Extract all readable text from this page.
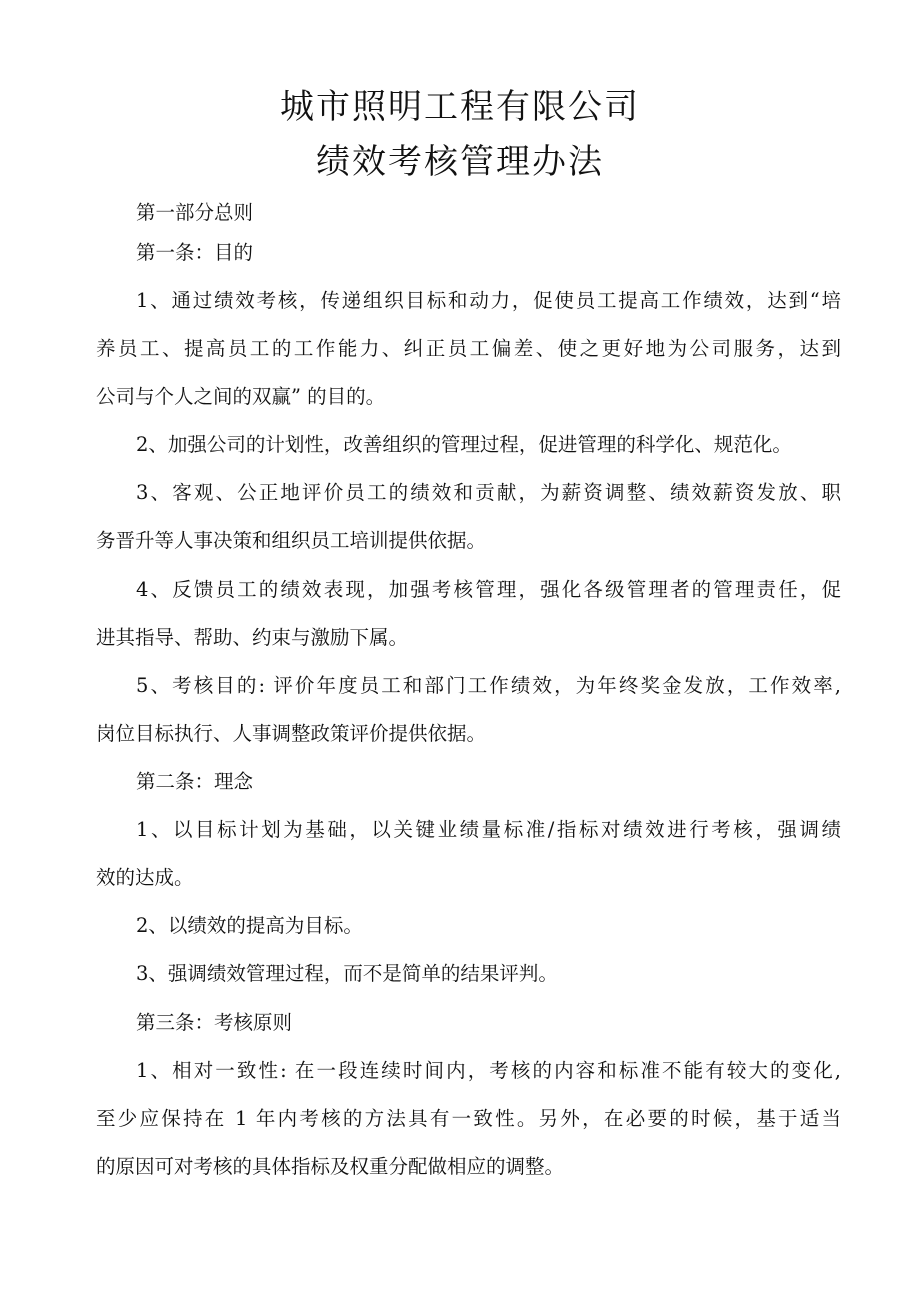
城市照明工程有限公司
绩效考核管理办法
第一部分总则
第一条：目的
1、通过绩效考核，传递组织目标和动力，促使员工提高工作绩效，达到“培
养员工、提高员工的工作能力、纠正员工偏差、使之更好地为公司服务，达到
公司与个人之间的双赢” 的目的。
2、加强公司的计划性，改善组织的管理过程，促进管理的科学化、规范化。
3、客观、公正地评价员工的绩效和贡献，为薪资调整、绩效薪资发放、职
务晋升等人事决策和组织员工培训提供依据。
4、反馈员工的绩效表现，加强考核管理，强化各级管理者的管理责任，促
进其指导、帮助、约束与激励下属。
5、考核目的: 评价年度员工和部门工作绩效，为年终奖金发放，工作效率,
岗位目标执行、人事调整政策评价提供依据。
第二条：理念
1、以目标计划为基础，以关键业绩量标准/指标对绩效进行考核，强调绩
效的达成。
2、以绩效的提高为目标。
3、强调绩效管理过程，而不是简单的结果评判。
第三条：考核原则
1、相对一致性: 在一段连续时间内，考核的内容和标准不能有较大的变化,
至少应保持在 1 年内考核的方法具有一致性。另外，在必要的时候，基于适当
的原因可对考核的具体指标及权重分配做相应的调整。
